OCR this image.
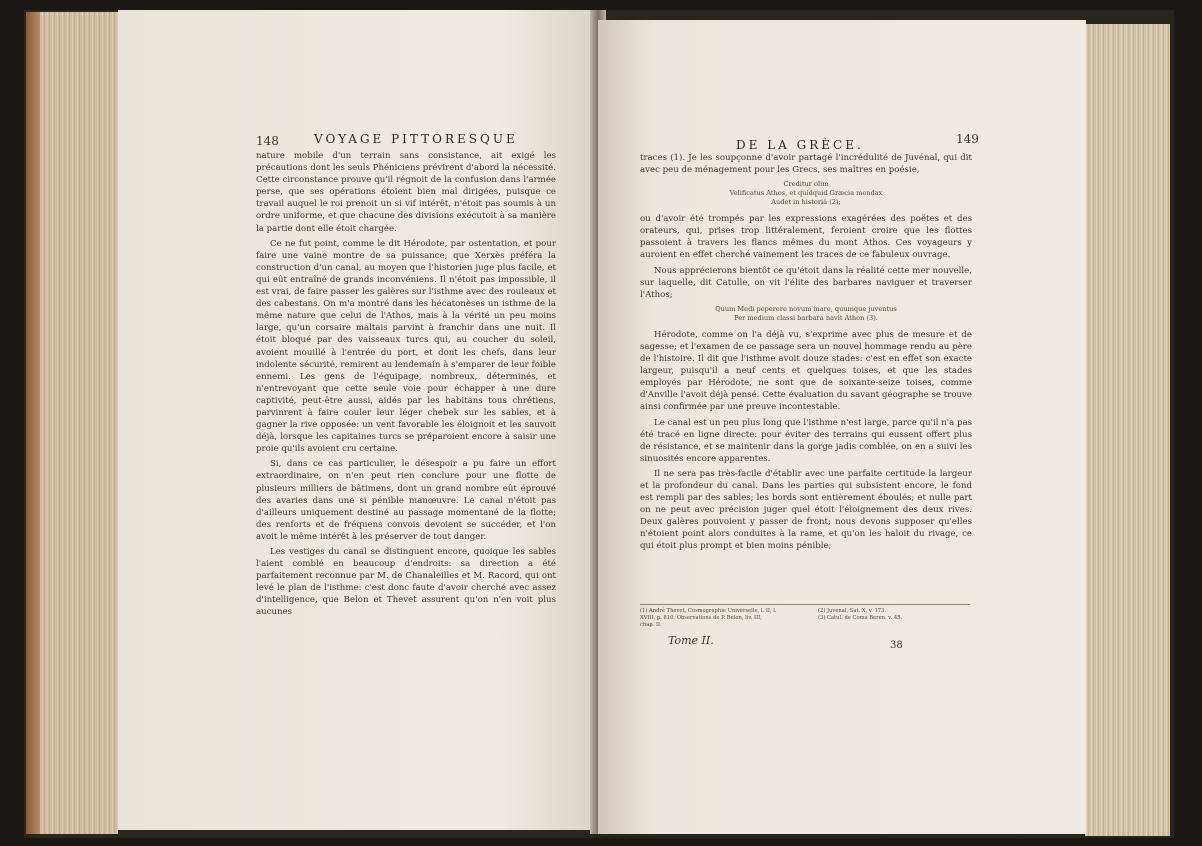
148	VOYAGE PITTORESQUE

nature mobile d'un terrain sans consistance, ait exigé les précautions dont les seuls Phéniciens prévirent d'abord la nécessité. Cette circonstance prouve qu'il régnoit de la confusion dans l'armée perse, que ses opérations étoient bien mal dirigées, puisque ce travail auquel le roi prenoit un si vif intérêt, n'étoit pas soumis à un ordre uniforme, et que chacune des divisions exécutoit à sa manière la partie dont elle étoit chargée.

Ce ne fut point, comme le dit Hérodote, par ostentation, et pour faire une vaine montre de sa puissance, que Xerxès préféra la construction d'un canal, au moyen que l'historien juge plus facile, et qui eût entraîné de grands inconvéniens. Il n'étoit pas impossible, il est vrai, de faire passer les galères sur l'isthme avec des rouleaux et des cabestans. On m'a montré dans les hécatonèses un isthme de la même nature que celui de l'Athos, mais à la vérité un peu moins large, qu'un corsaire maltais parvint à franchir dans une nuit. Il étoit bloqué par des vaisseaux turcs qui, au coucher du soleil, avoient mouillé à l'entrée du port, et dont les chefs, dans leur indolente sécurité, remirent au lendemain à s'emparer de leur foible ennemi. Les gens de l'équipage, nombreux, déterminés, et n'entrevoyant que cette seule voie pour échapper à une dure captivité, peut-être aussi, aidés par les habitans tous chrétiens, parvinrent à faire couler leur léger chebek sur les sables, et à gagner la rive opposée: un vent favorable les éloignoit et les sauvoit déjà, lorsque les capitaines turcs se préparoient encore à saisir une proie qu'ils avoient cru certaine.

Si, dans ce cas particulier, le désespoir a pu faire un effort extraordinaire, on n'en peut rien conclure pour une flotte de plusieurs milliers de bâtimens, dont un grand nombre eût éprouvé des avaries dans une si pénible manœuvre. Le canal n'étoit pas d'ailleurs uniquement destiné au passage momentané de la flotte; des renforts et de fréquens convois devoient se succéder, et l'on avoit le même intérêt à les préserver de tout danger.

Les vestiges du canal se distinguent encore, quoique les sables l'aient comblé en beaucoup d'endroits: sa direction a été parfaitement reconnue par M. de Chanaleilles et M. Racord, qui ont levé le plan de l'isthme: c'est donc faute d'avoir cherché avec assez d'intelligence, que Belon et Thevet assurent qu'on n'en voit plus aucunes

DE LA GRÈCE.	149

traces (1). Je les soupçonne d'avoir partagé l'incrédulité de Juvénal, qui dit avec peu de ménagement pour les Grecs, ses maîtres en poésie,

Creditur olim
Velificatus Athos, et quidquid Græcia mendax
Audet in historiâ (2);

ou d'avoir été trompés par les expressions exagérées des poëtes et des orateurs, qui, prises trop littéralement, feroient croire que les flottes passoient à travers les flancs mêmes du mont Athos. Ces voyageurs y auroient en effet cherché vainement les traces de ce fabuleux ouvrage.

Nous apprécierons bientôt ce qu'étoit dans la réalité cette mer nouvelle, sur laquelle, dit Catulle, on vit l'élite des barbares naviguer et traverser l'Athos;

Quum Medi peperere novum mare, quumque juventus
Per medium classi barbara navit Athon (3).

Hérodote, comme on l'a déjà vu, s'exprime avec plus de mesure et de sagesse; et l'examen de ce passage sera un nouvel hommage rendu au père de l'histoire. Il dit que l'isthme avoit douze stades: c'est en effet son exacte largeur, puisqu'il a neuf cents et quelques toises, et que les stades employés par Hérodote, ne sont que de soixante-seize toises, comme d'Anville l'avoit déjà pensé. Cette évaluation du savant géographe se trouve ainsi confirmée par une preuve incontestable.

Le canal est un peu plus long que l'isthme n'est large, parce qu'il n'a pas été tracé en ligne directe: pour éviter des terrains qui eussent offert plus de résistance, et se maintenir dans la gorge jadis comblée, on en a suivi les sinuosités encore apparentes.

Il ne sera pas très-facile d'établir avec une parfaite certitude la largeur et la profondeur du canal. Dans les parties qui subsistent encore, le fond est rempli par des sables; les bords sont entièrement éboulés; et nulle part on ne peut avec précision juger quel étoit l'éloignement des deux rives. Deux galères pouvoient y passer de front; nous devons supposer qu'elles n'étoient point alors conduites à la rame, et qu'on les haloit du rivage, ce qui étoit plus prompt et bien moins pénible;

(1) André Thevet, Cosmographie Universelle, l. II, l. XVIII, p. 810. Observations de P. Belon, liv. III,
chap. II.
(2) Juvenal, Sat. X, v. 173.
(3) Catul. de Coma Beren. v. 45.
Tome II.	38
